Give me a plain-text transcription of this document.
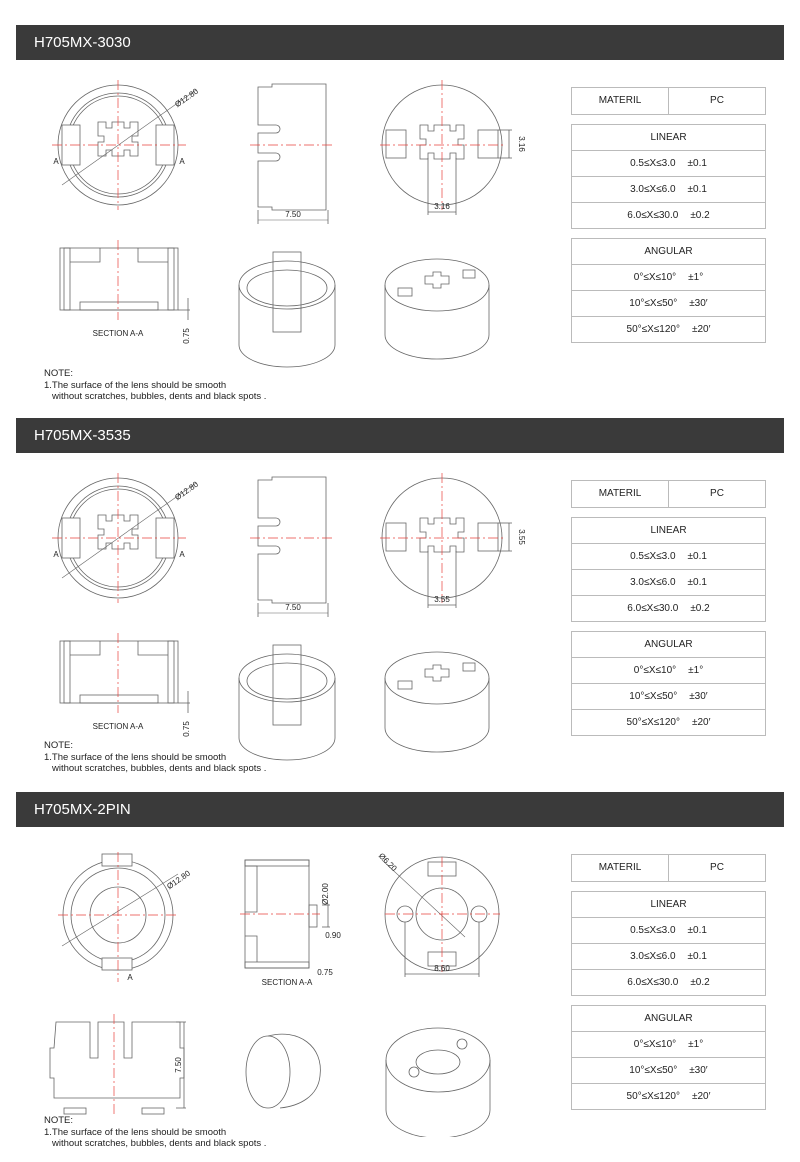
H705MX-3030
A	A
Ø12.80
7.50
3.16
3.16
SECTION A-A	0.75
NOTE:
1.The surface of the lens should be smooth
without scratches, bubbles, dents and black spots .
MATERIL	PC
LINEAR
0.5≤X≤3.0 ±0.1
3.0≤X≤6.0 ±0.1
6.0≤X≤30.0 ±0.2
ANGULAR
0°≤X≤10° ±1°
10°≤X≤50° ±30′
50°≤X≤120° ±20′
H705MX-3535
A	A
Ø12.80
7.50
3.55
3.55
SECTION A-A	0.75
NOTE:
1.The surface of the lens should be smooth
without scratches, bubbles, dents and black spots .
MATERIL	PC
LINEAR
0.5≤X≤3.0 ±0.1
3.0≤X≤6.0 ±0.1
6.0≤X≤30.0 ±0.2
ANGULAR
0°≤X≤10° ±1°
10°≤X≤50° ±30′
50°≤X≤120° ±20′
H705MX-2PIN
A
Ø12.80
Ø2.00
0.90
0.75
SECTION A-A
8.60
Ø6.20
7.50
NOTE:
1.The surface of the lens should be smooth
without scratches, bubbles, dents and black spots .
MATERIL	PC
LINEAR
0.5≤X≤3.0 ±0.1
3.0≤X≤6.0 ±0.1
6.0≤X≤30.0 ±0.2
ANGULAR
0°≤X≤10° ±1°
10°≤X≤50° ±30′
50°≤X≤120° ±20′
